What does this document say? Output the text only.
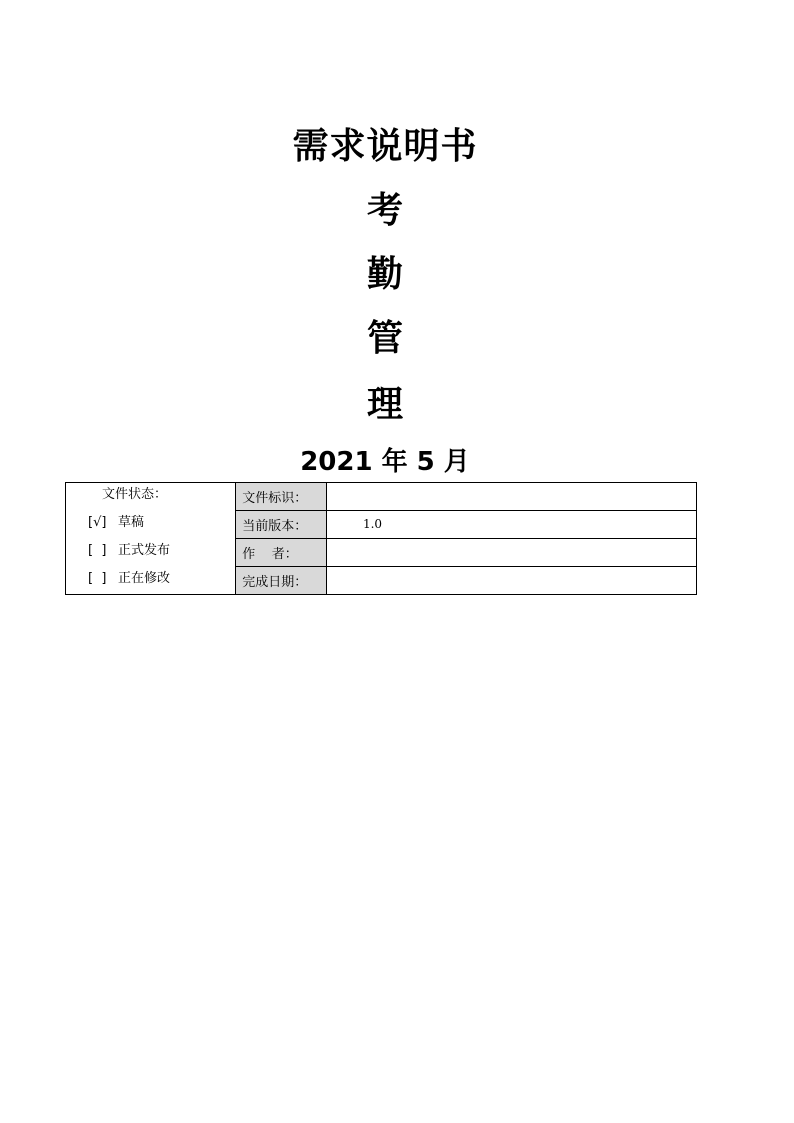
需求说明书
考
勤
管
理
2021 年 5 月
文件状态：
[√] 草稿
[  ] 正式发布
[  ] 正在修改	文件标识：	
	当前版本：	1.0
	作    者：	
	完成日期：	
